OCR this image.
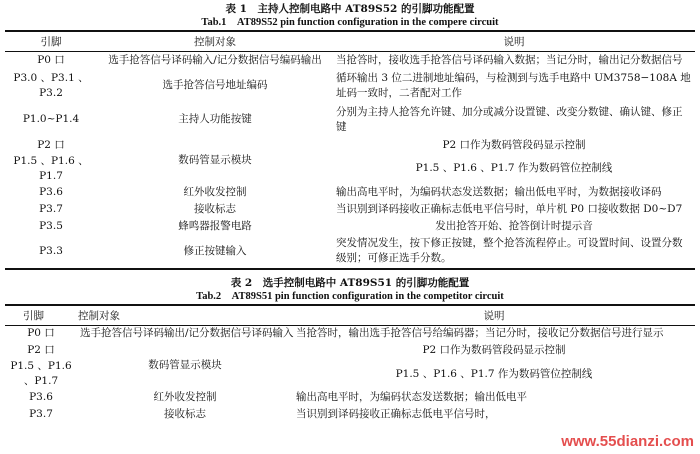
表 1　主持人控制电路中 AT89S52 的引脚功能配置
Tab.1　AT89S52 pin function configuration in the compere circuit
引脚	控制对象	说明
P0 口	选手抢答信号译码输入/记分数据信号编码输出	当抢答时，接收选手抢答信号译码输入数据；当记分时，输出记分数据信号
P3.0 、P3.1 、P3.2	选手抢答信号地址编码	循环输出 3 位二进制地址编码，与检测到与选手电路中 UM3758−108A 地址码一致时，二者配对工作
P1.0~P1.4	主持人功能按键	分别为主持人抢答允许键、加分或减分设置键、改变分数键、确认键、修正键
P2 口	数码管显示模块	P2 口作为数码管段码显示控制
P1.5 、P1.6 、P1.7		P1.5 、P1.6 、P1.7 作为数码管位控制线
P3.6	红外收发控制	输出高电平时，为编码状态发送数据；输出低电平时，为数据接收译码
P3.7	接收标志	当识别到译码接收正确标志低电平信号时，单片机 P0 口接收数据 D0~D7
P3.5	蜂鸣器报警电路	发出抢答开始、抢答倒计时提示音
P3.3	修正按键输入	突发情况发生，按下修正按键，整个抢答流程停止。可设置时间、设置分数级别；可修正选手分数。
表 2　选手控制电路中 AT89S51 的引脚功能配置
Tab.2　AT89S51 pin function configuration in the competitor circuit
引脚	控制对象	说明
P0 口	选手抢答信号译码输出/记分数据信号译码输入	当抢答时，输出选手抢答信号给编码器；当记分时，接收记分数据信号进行显示
P2 口	数码管显示模块	P2 口作为数码管段码显示控制
P1.5 、P1.6 、P1.7		P1.5 、P1.6 、P1.7 作为数码管位控制线
P3.6	红外收发控制	输出高电平时，为编码状态发送数据；输出低电平
P3.7	接收标志	当识别到译码接收正确标志低电平信号时，
www.55dianzi.com
